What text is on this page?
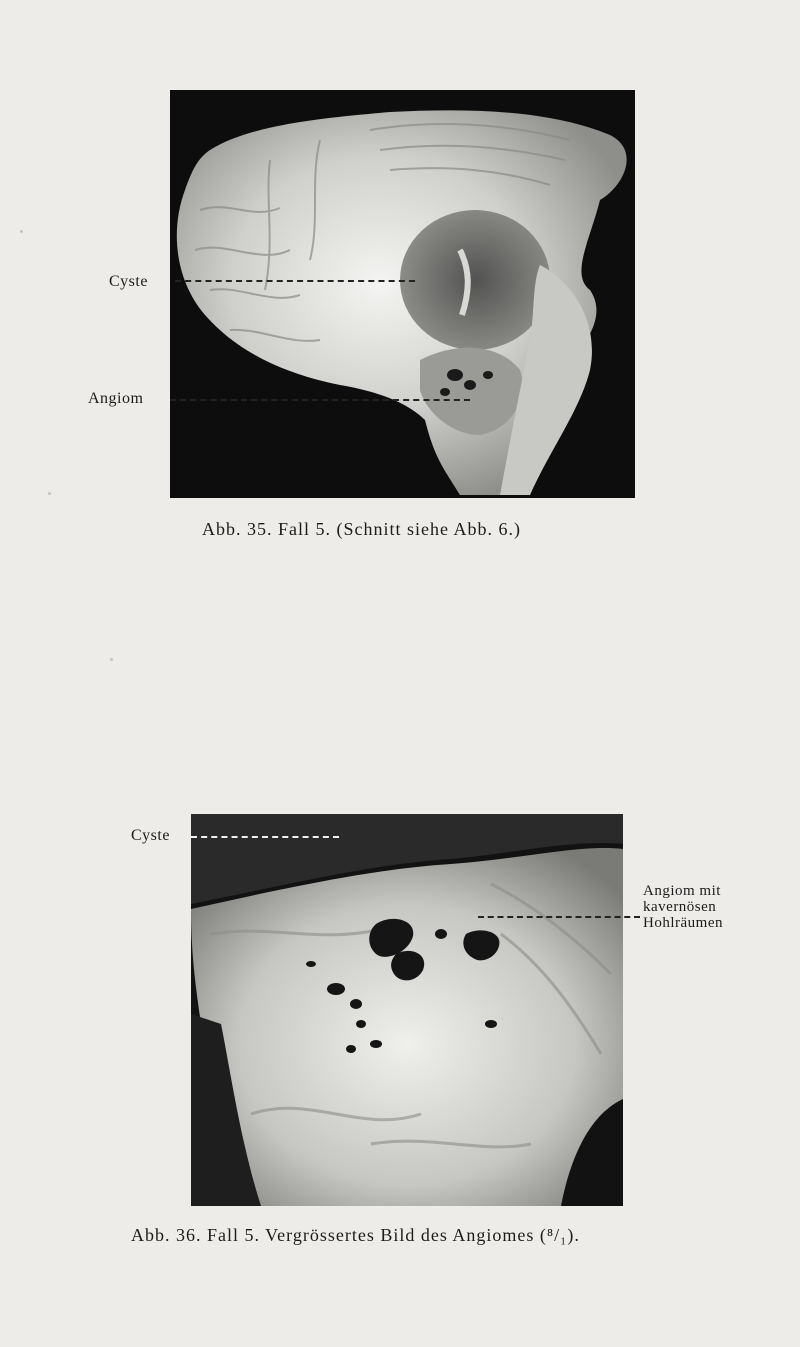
Cyste
Angiom
Abb. 35. Fall 5. (Schnitt siehe Abb. 6.)
Cyste
Angiom mit
kavernösen
Hohlräumen
Abb. 36. Fall 5. Vergrössertes Bild des Angiomes (⁸/₁).
